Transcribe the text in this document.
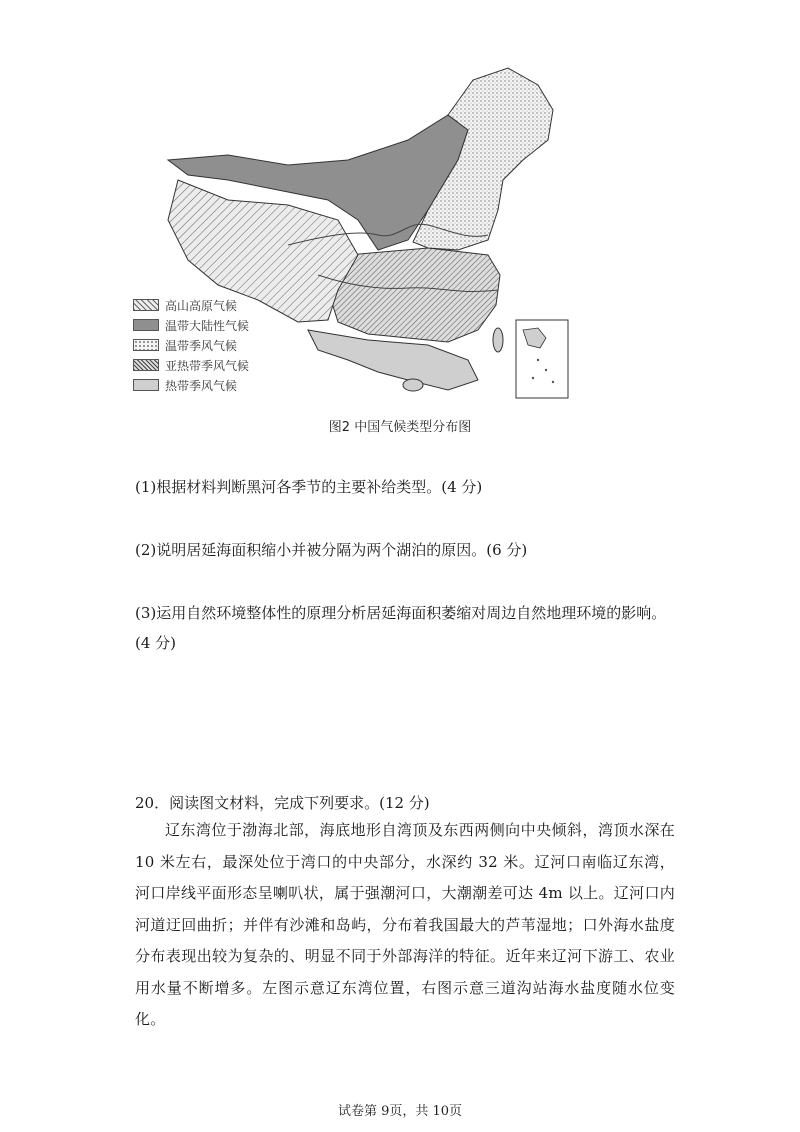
高山高原气候
温带大陆性气候
温带季风气候
亚热带季风气候
热带季风气候
图2 中国气候类型分布图
(1)根据材料判断黑河各季节的主要补给类型。(4 分)
(2)说明居延海面积缩小并被分隔为两个湖泊的原因。(6 分)
(3)运用自然环境整体性的原理分析居延海面积萎缩对周边自然地理环境的影响。(4 分)
20．阅读图文材料，完成下列要求。(12 分)
辽东湾位于渤海北部，海底地形自湾顶及东西两侧向中央倾斜，湾顶水深在 10 米左右，最深处位于湾口的中央部分，水深约 32 米。辽河口南临辽东湾，河口岸线平面形态呈喇叭状，属于强潮河口，大潮潮差可达 4m 以上。辽河口内河道迂回曲折；并伴有沙滩和岛屿，分布着我国最大的芦苇湿地；口外海水盐度分布表现出较为复杂的、明显不同于外部海洋的特征。近年来辽河下游工、农业用水量不断增多。左图示意辽东湾位置，右图示意三道沟站海水盐度随水位变化。
试卷第 9页，共 10页
